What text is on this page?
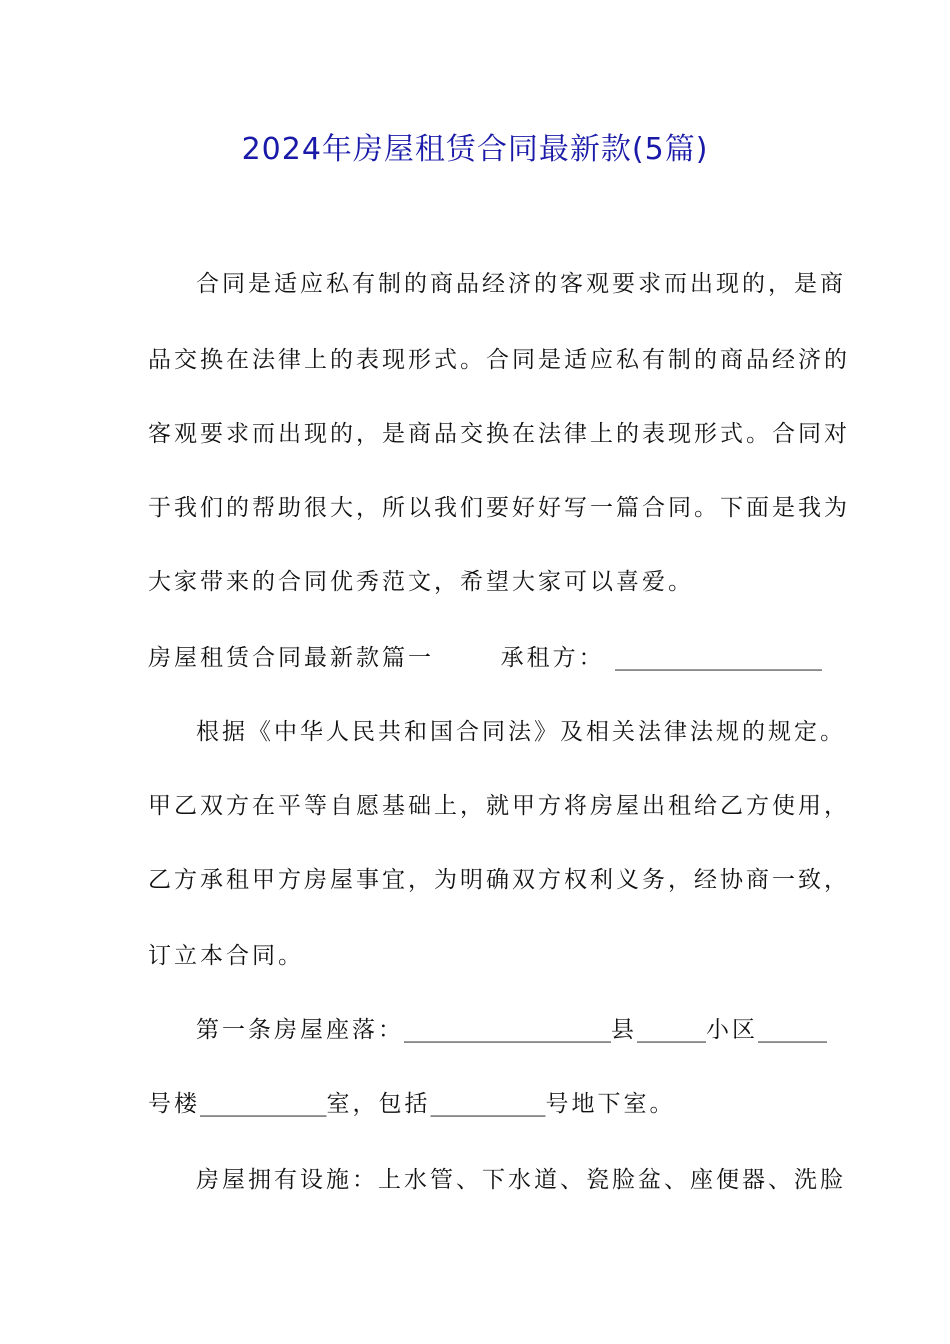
2024年房屋租赁合同最新款(5篇)
合同是适应私有制的商品经济的客观要求而出现的，是商
品交换在法律上的表现形式。合同是适应私有制的商品经济的
客观要求而出现的，是商品交换在法律上的表现形式。合同对
于我们的帮助很大，所以我们要好好写一篇合同。下面是我为
大家带来的合同优秀范文，希望大家可以喜爱。
房屋租赁合同最新款篇一	承租方： __________________
根据《中华人民共和国合同法》及相关法律法规的规定。
甲乙双方在平等自愿基础上，就甲方将房屋出租给乙方使用，
乙方承租甲方房屋事宜，为明确双方权利义务，经协商一致，
订立本合同。
第一条房屋座落：__________________县______小区______
号楼___________室，包括__________号地下室。
房屋拥有设施：上水管、下水道、瓷脸盆、座便器、洗脸
